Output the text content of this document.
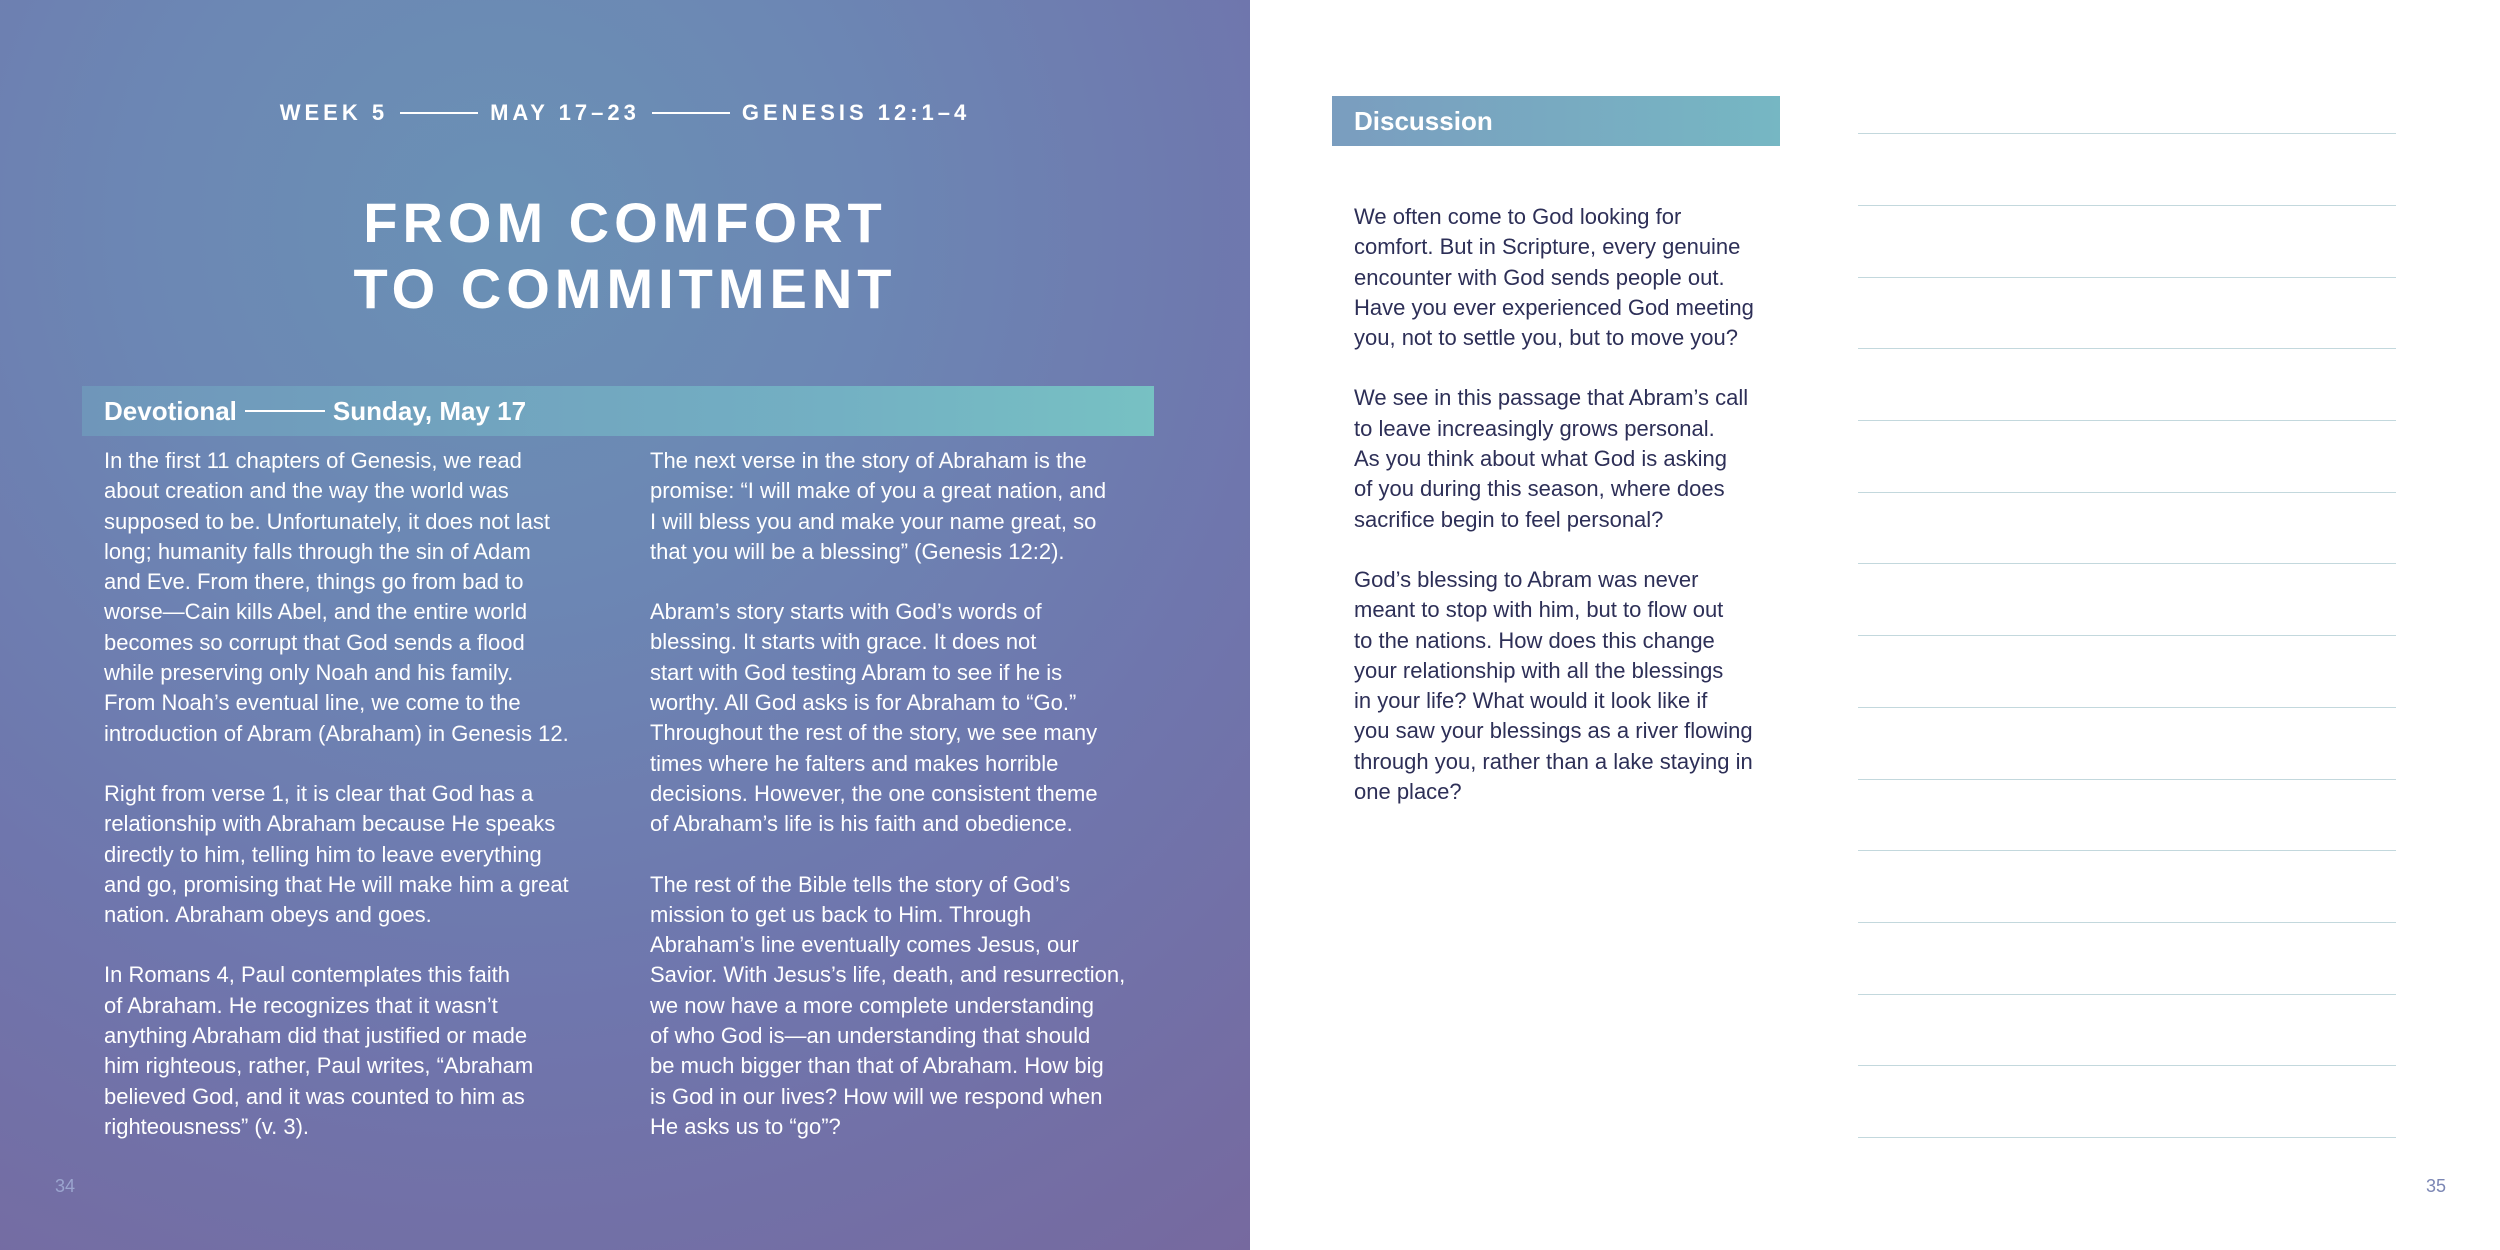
WEEK 5	MAY 17–23	GENESIS 12:1–4
FROM COMFORT
TO COMMITMENT
Devotional	Sunday, May 17

In the first 11 chapters of Genesis, we read
about creation and the way the world was
supposed to be. Unfortunately, it does not last
long; humanity falls through the sin of Adam
and Eve. From there, things go from bad to
worse—Cain kills Abel, and the entire world
becomes so corrupt that God sends a flood
while preserving only Noah and his family.
From Noah’s eventual line, we come to the
introduction of Abram (Abraham) in Genesis 12.

Right from verse 1, it is clear that God has a
relationship with Abraham because He speaks
directly to him, telling him to leave everything
and go, promising that He will make him a great
nation. Abraham obeys and goes.

In Romans 4, Paul contemplates this faith
of Abraham. He recognizes that it wasn’t
anything Abraham did that justified or made
him righteous, rather, Paul writes, “Abraham
believed God, and it was counted to him as
righteousness” (v. 3).

The next verse in the story of Abraham is the
promise: “I will make of you a great nation, and
I will bless you and make your name great, so
that you will be a blessing” (Genesis 12:2).

Abram’s story starts with God’s words of
blessing. It starts with grace. It does not
start with God testing Abram to see if he is
worthy. All God asks is for Abraham to “Go.”
Throughout the rest of the story, we see many
times where he falters and makes horrible
decisions. However, the one consistent theme
of Abraham’s life is his faith and obedience.

The rest of the Bible tells the story of God’s
mission to get us back to Him. Through
Abraham’s line eventually comes Jesus, our
Savior. With Jesus’s life, death, and resurrection,
we now have a more complete understanding
of who God is—an understanding that should
be much bigger than that of Abraham. How big
is God in our lives? How will we respond when
He asks us to “go”?

34
Discussion

We often come to God looking for
comfort. But in Scripture, every genuine
encounter with God sends people out.
Have you ever experienced God meeting
you, not to settle you, but to move you?

We see in this passage that Abram’s call
to leave increasingly grows personal.
As you think about what God is asking
of you during this season, where does
sacrifice begin to feel personal?

God’s blessing to Abram was never
meant to stop with him, but to flow out
to the nations. How does this change
your relationship with all the blessings
in your life? What would it look like if
you saw your blessings as a river flowing
through you, rather than a lake staying in
one place?

35
